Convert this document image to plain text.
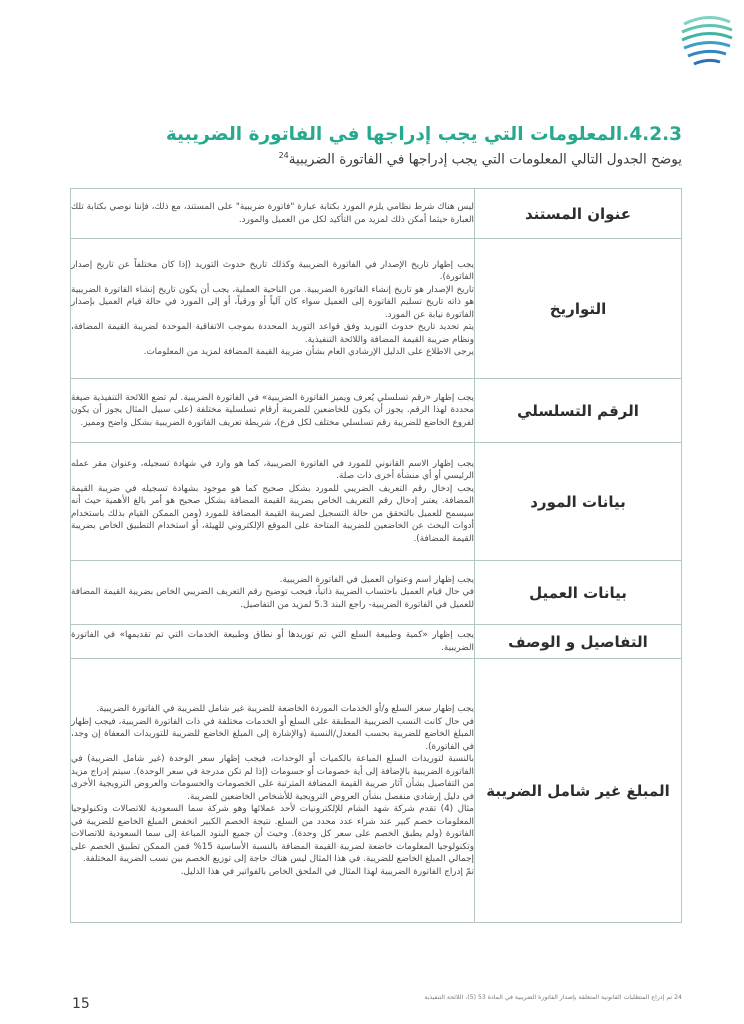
4.2.3.المعلومات التي يجب إدراجها في الفاتورة الضريبية

يوضح الجدول التالي المعلومات التي يجب إدراجها في الفاتورة الضريبية$^{24}$

عنوان المستند	ليس هناك شرط نظامي يلزم المورد بكتابة عبارة "فاتورة ضريبية" على المستند، مع ذلك، فإننا نوصي بكتابة تلك العبارة حيثما أمكن ذلك لمزيد من التأكيد لكل من العميل والمورد.

التواريخ	يجب إظهار تاريخ الإصدار في الفاتورة الضريبية وكذلك تاريخ حدوث التوريد (إذا كان مختلفاً عن تاريخ إصدار الفاتورة).

تاريخ الإصدار هو تاريخ إنشاء الفاتورة الضريبية. من الناحية العملية، يجب أن يكون تاريخ إنشاء الفاتورة الضريبية هو ذاته تاريخ تسليم الفاتورة إلى العميل سواء كان آلياً أو ورقياً، أو إلى المورد في حالة قيام العميل بإصدار الفاتورة نيابة عن المورد.

يتم تحديد تاريخ حدوث التوريد وفق قواعد التوريد المحددة بموجب الاتفاقية الموحدة لضريبة القيمة المضافة، ونظام ضريبة القيمة المضافة واللائحة التنفيذية.

يرجى الاطلاع على الدليل الإرشادي العام بشأن ضريبة القيمة المضافة لمزيد من المعلومات.

الرقم التسلسلي	يجب إظهار «رقم تسلسلي يُعرف ويميز الفاتورة الضريبية» في الفاتورة الضريبية. لم تضع اللائحة التنفيذية صيغة محددة لهذا الرقم. يجوز أن يكون للخاضعين للضريبة أرقام تسلسلية مختلفة (على سبيل المثال يجوز أن يكون لفروع الخاضع للضريبة رقم تسلسلي مختلف لكل فرع)، شريطة تعريف الفاتورة الضريبية بشكل واضح ومميز.

بيانات المورد	يجب إظهار الاسم القانوني للمورد في الفاتورة الضريبية، كما هو وارد في شهادة تسجيله، وعنوان مقر عمله الرئيسي أو أي منشأة أخرى ذات صلة.

يجب إدخال رقم التعريف الضريبي للمورد بشكل صحيح كما هو موجود بشهادة تسجيله في ضريبة القيمة المضافة. يعتبر إدخال رقم التعريف الخاص بضريبة القيمة المضافة بشكل صحيح هو أمر بالغ الأهمية حيث أنه سيسمح للعميل بالتحقق من حالة التسجيل لضريبة القيمة المضافة للمورد (ومن الممكن القيام بذلك باستخدام أدوات البحث عن الخاضعين للضريبة المتاحة على الموقع الإلكتروني للهيئة، أو استخدام التطبيق الخاص بضريبة القيمة المضافة).

بيانات العميل	يجب إظهار اسم وعنوان العميل في الفاتورة الضريبية.

في حال قيام العميل باحتساب الضريبة ذاتياً، فيجب توضيح رقم التعريف الضريبي الخاص بضريبة القيمة المضافة للعميل في الفاتورة الضريبية- راجع البند 5.3 لمزيد من التفاصيل.

التفاصيل و الوصف	يجب إظهار «كمية وطبيعة السلع التي تم توريدها أو نطاق وطبيعة الخدمات التي تم تقديمها» في الفاتورة الضريبية.

المبلغ غير شامل الضريبة	يجب إظهار سعر السلع و/أو الخدمات الموردة الخاضعة للضريبة غير شامل للضريبة في الفاتورة الضريبية.

في حال كانت النسب الضريبية المطبقة على السلع أو الخدمات مختلفة في ذات الفاتورة الضريبية، فيجب إظهار المبلغ الخاضع للضريبة بحسب المعدل/النسبة (والإشارة إلى المبلغ الخاضع للضريبة للتوريدات المعفاة إن وجد، في الفاتورة).

بالنسبة لتوريدات السلع المباعة بالكميات أو الوحدات، فيجب إظهار سعر الوحدة (غير شامل الضريبة) في الفاتورة الضريبية بالإضافة إلى أية خصومات أو حسومات (إذا لم تكن مدرجة في سعر الوحدة). سيتم إدراج مزيد من التفاصيل بشأن آثار ضريبة القيمة المضافة المترتبة على الخصومات والحسومات والعروض الترويجية الأخرى في دليل إرشادي منفصل بشأن العروض الترويجية للأشخاص الخاضعين للضريبة.

مثال (4) تقدم شركة شهد الشام للإلكترونيات لأحد عملائها وهو شركة سما السعودية للاتصالات وتكنولوجيا المعلومات خصم كبير عند شراء عدد محدد من السلع. نتيجة الخصم الكبير انخفض المبلغ الخاضع للضريبة في الفاتورة (ولم يطبق الخصم على سعر كل وحدة). وحيث أن جميع البنود المباعة إلى سما السعودية للاتصالات وتكنولوجيا المعلومات خاضعة لضريبة القيمة المضافة بالنسبة الأساسية 15% فمن الممكن تطبيق الخصم على إجمالي المبلغ الخاضع للضريبة. في هذا المثال ليس هناك حاجة إلى توزيع الخصم بين نسب الضريبة المختلفة.

تمّ إدراج الفاتورة الضريبية لهذا المثال في الملحق الخاص بالفواتير في هذا الدليل.

24 تم إدراج المتطلبات القانونية المتعلقة بإصدار الفاتورة الضريبية في المادة 53 (5)، اللائحة التنفيذية

15
